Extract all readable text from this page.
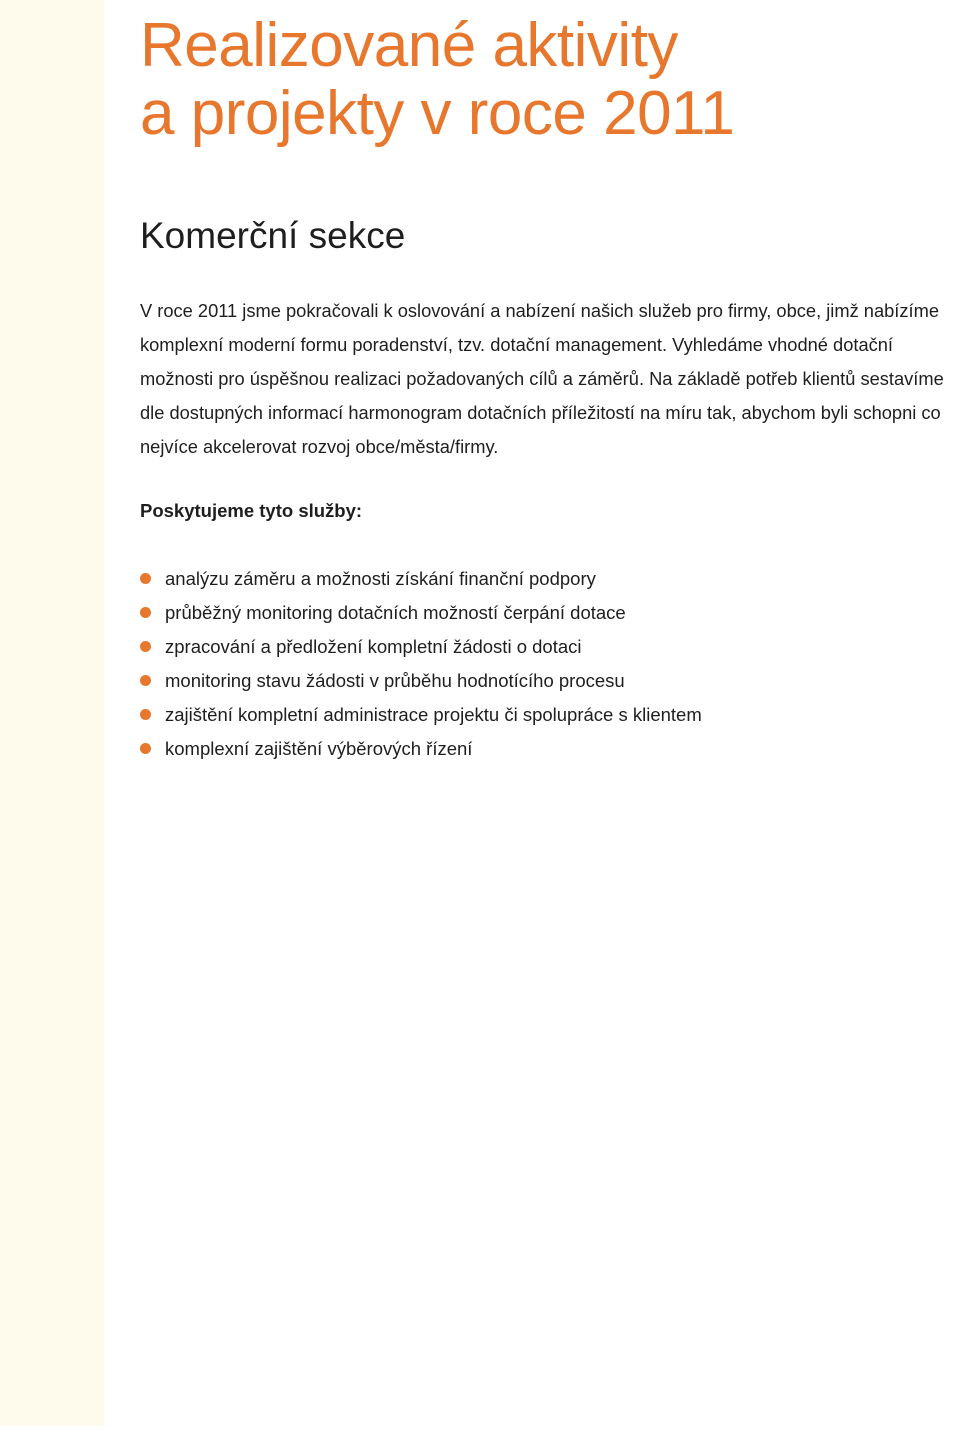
Realizované aktivity
a projekty v roce 2011
Komerční sekce

V roce 2011 jsme pokračovali k oslovování a nabízení našich služeb pro firmy, obce, jimž nabízíme komplexní moderní formu poradenství, tzv. dotační management. Vyhledáme vhodné dotační možnosti pro úspěšnou realizaci požadovaných cílů a záměrů. Na základě potřeb klientů sestavíme dle dostupných informací harmonogram dotačních příležitostí na míru tak, abychom byli schopni co nejvíce akcelerovat rozvoj obce/města/firmy.

Poskytujeme tyto služby:
analýzu záměru a možnosti získání finanční podpory
průběžný monitoring dotačních možností čerpání dotace
zpracování a předložení kompletní žádosti o dotaci
monitoring stavu žádosti v průběhu hodnotícího procesu
zajištění kompletní administrace projektu či spolupráce s klientem
komplexní zajištění výběrových řízení
